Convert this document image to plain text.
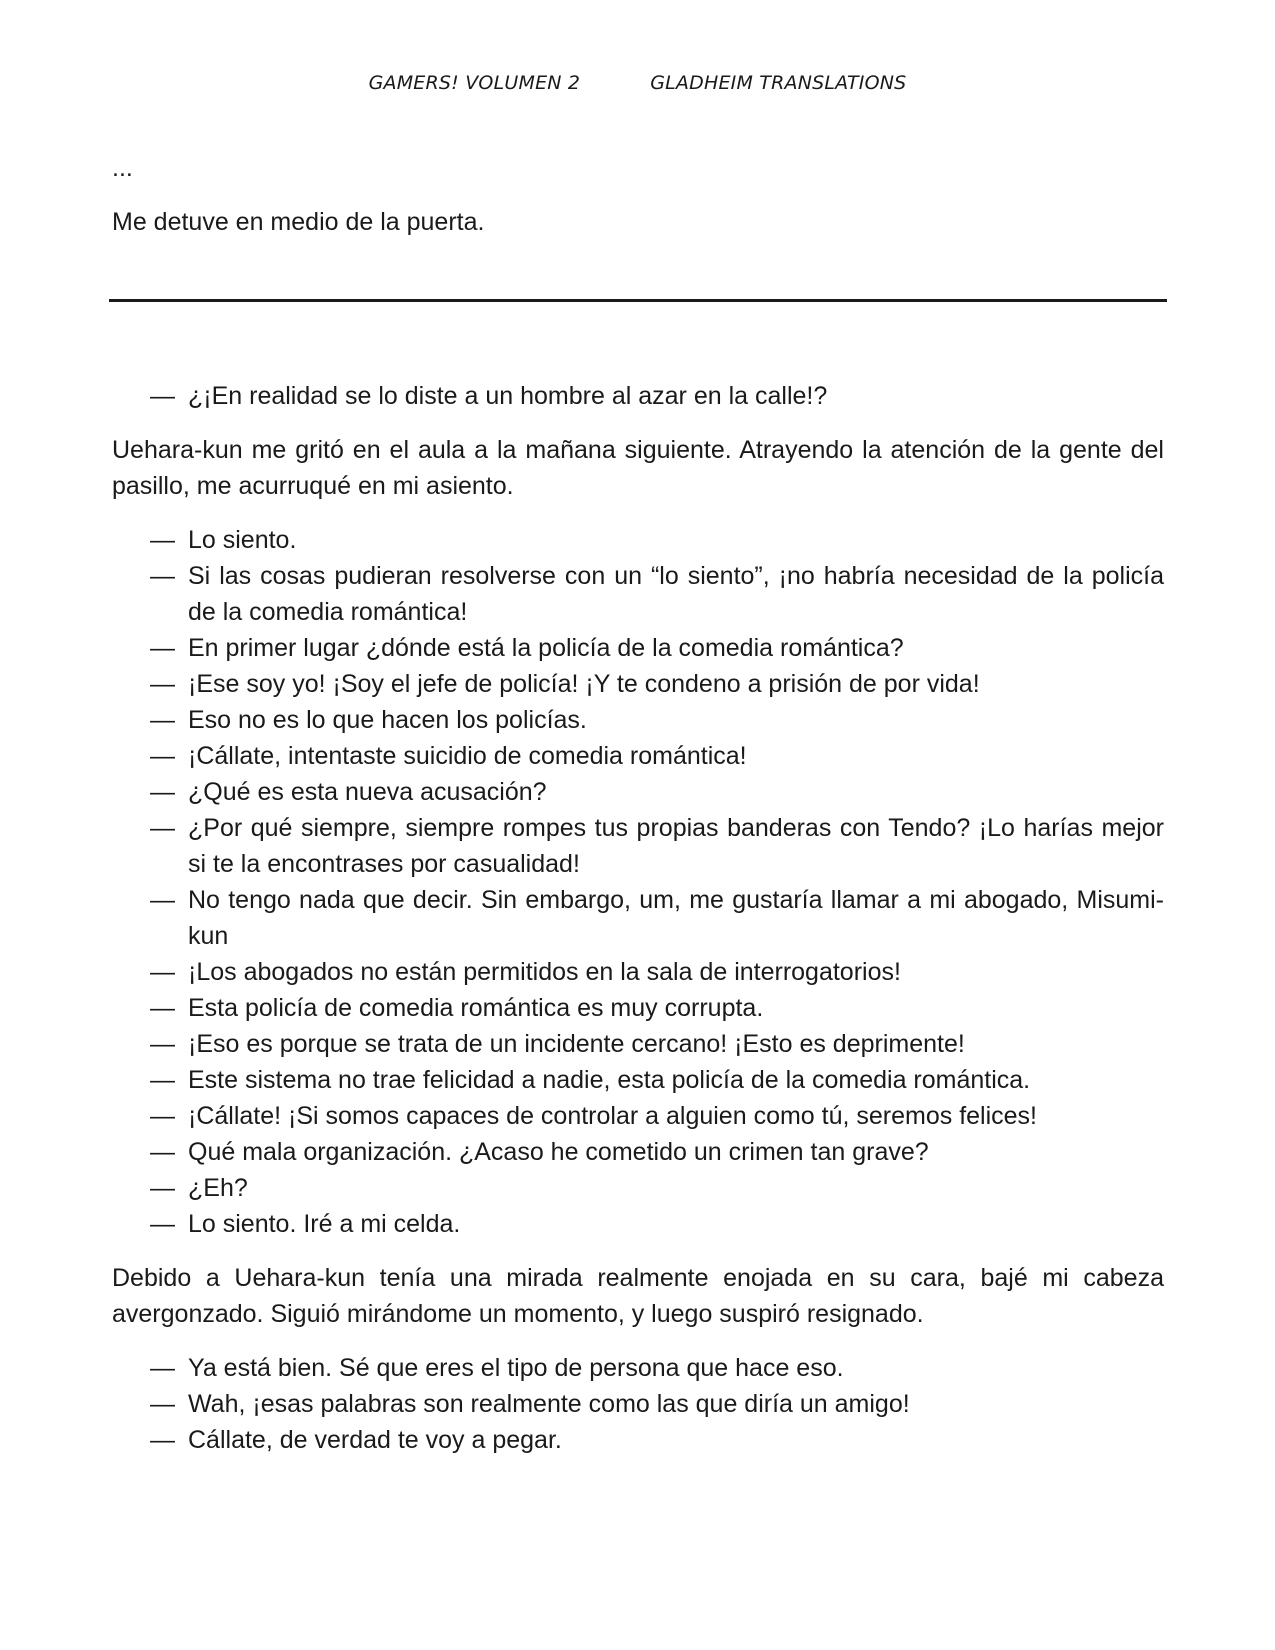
GAMERS! VOLUMEN 2	GLADHEIM TRANSLATIONS

...

Me detuve en medio de la puerta.

— ¿¡En realidad se lo diste a un hombre al azar en la calle!?

Uehara-kun me gritó en el aula a la mañana siguiente. Atrayendo la atención de la gente del pasillo, me acurruqué en mi asiento.

— Lo siento.
— Si las cosas pudieran resolverse con un “lo siento”, ¡no habría necesidad de la policía de la comedia romántica!
— En primer lugar ¿dónde está la policía de la comedia romántica?
— ¡Ese soy yo! ¡Soy el jefe de policía! ¡Y te condeno a prisión de por vida!
— Eso no es lo que hacen los policías.
— ¡Cállate, intentaste suicidio de comedia romántica!
— ¿Qué es esta nueva acusación?
— ¿Por qué siempre, siempre rompes tus propias banderas con Tendo? ¡Lo harías mejor si te la encontrases por casualidad!
— No tengo nada que decir. Sin embargo, um, me gustaría llamar a mi abogado, Misumi-kun
— ¡Los abogados no están permitidos en la sala de interrogatorios!
— Esta policía de comedia romántica es muy corrupta.
— ¡Eso es porque se trata de un incidente cercano! ¡Esto es deprimente!
— Este sistema no trae felicidad a nadie, esta policía de la comedia romántica.
— ¡Cállate! ¡Si somos capaces de controlar a alguien como tú, seremos felices!
— Qué mala organización. ¿Acaso he cometido un crimen tan grave?
— ¿Eh?
— Lo siento. Iré a mi celda.

Debido a Uehara-kun tenía una mirada realmente enojada en su cara, bajé mi cabeza avergonzado. Siguió mirándome un momento, y luego suspiró resignado.

— Ya está bien. Sé que eres el tipo de persona que hace eso.
— Wah, ¡esas palabras son realmente como las que diría un amigo!
— Cállate, de verdad te voy a pegar.
